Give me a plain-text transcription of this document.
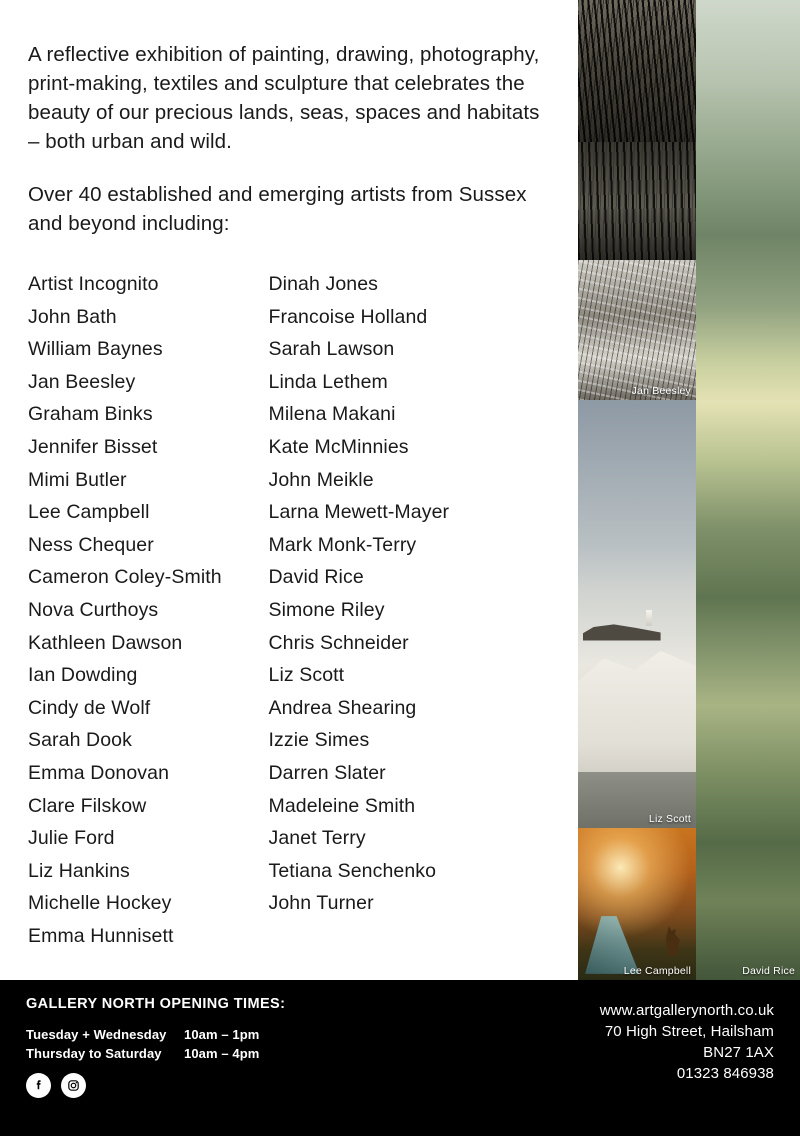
A reflective exhibition of painting, drawing, photography, print-making, textiles and sculpture that celebrates the beauty of our precious lands, seas, spaces and habitats – both urban and wild.

Over 40 established and emerging artists from Sussex and beyond including:

Artist Incognito
John Bath
William Baynes
Jan Beesley
Graham Binks
Jennifer Bisset
Mimi Butler
Lee Campbell
Ness Chequer
Cameron Coley-Smith
Nova Curthoys
Kathleen Dawson
Ian Dowding
Cindy de Wolf
Sarah Dook
Emma Donovan
Clare Filskow
Julie Ford
Liz Hankins
Michelle Hockey
Emma Hunnisett
Dinah Jones
Francoise Holland
Sarah Lawson
Linda Lethem
Milena Makani
Kate McMinnies
John Meikle
Larna Mewett-Mayer
Mark Monk-Terry
David Rice
Simone Riley
Chris Schneider
Liz Scott
Andrea Shearing
Izzie Simes
Darren Slater
Madeleine Smith
Janet Terry
Tetiana Senchenko
John Turner
Jan Beesley
Liz Scott
Lee Campbell	David Rice
GALLERY NORTH OPENING TIMES:
Tuesday + Wednesday	10am – 1pm
Thursday to Saturday	10am – 4pm
www.artgallerynorth.co.uk
70 High Street, Hailsham
BN27 1AX
01323 846938
